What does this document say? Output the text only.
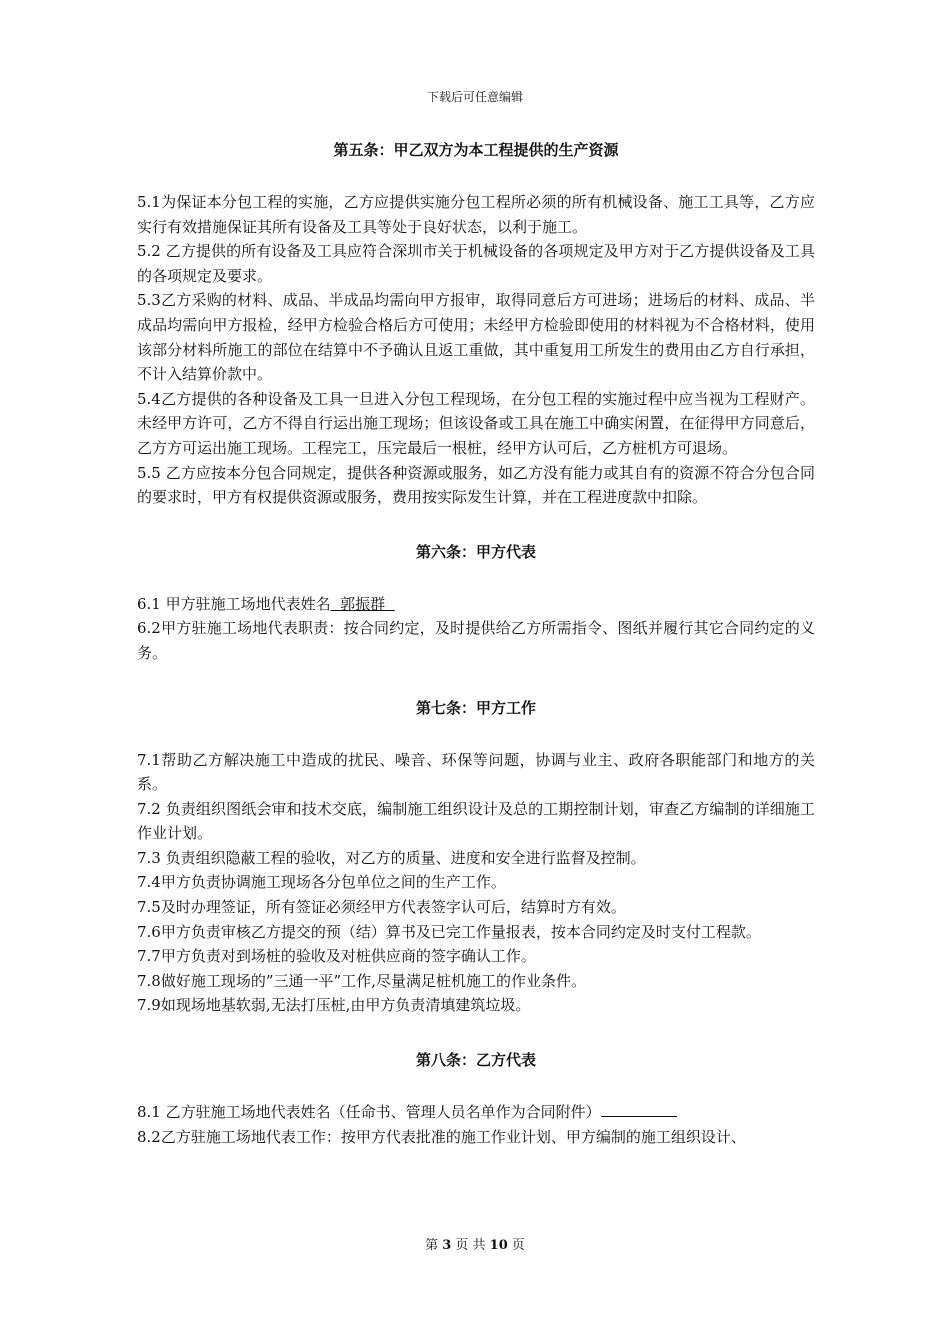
下载后可任意编辑

第五条：甲乙双方为本工程提供的生产资源

5.1为保证本分包工程的实施，乙方应提供实施分包工程所必须的所有机械设备、施工工具等，乙方应实行有效措施保证其所有设备及工具等处于良好状态，以利于施工。

5.2 乙方提供的所有设备及工具应符合深圳市关于机械设备的各项规定及甲方对于乙方提供设备及工具的各项规定及要求。

5.3乙方采购的材料、成品、半成品均需向甲方报审，取得同意后方可进场；进场后的材料、成品、半成品均需向甲方报检，经甲方检验合格后方可使用；未经甲方检验即使用的材料视为不合格材料，使用该部分材料所施工的部位在结算中不予确认且返工重做，其中重复用工所发生的费用由乙方自行承担，不计入结算价款中。

5.4乙方提供的各种设备及工具一旦进入分包工程现场，在分包工程的实施过程中应当视为工程财产。未经甲方许可，乙方不得自行运出施工现场；但该设备或工具在施工中确实闲置，在征得甲方同意后，乙方方可运出施工现场。工程完工，压完最后一根桩，经甲方认可后，乙方桩机方可退场。

5.5 乙方应按本分包合同规定，提供各种资源或服务，如乙方没有能力或其自有的资源不符合分包合同的要求时，甲方有权提供资源或服务，费用按实际发生计算，并在工程进度款中扣除。

第六条：甲方代表

6.1 甲方驻施工场地代表姓名  郭振群

6.2甲方驻施工场地代表职责：按合同约定，及时提供给乙方所需指令、图纸并履行其它合同约定的义务。

第七条：甲方工作

7.1帮助乙方解决施工中造成的扰民、噪音、环保等问题，协调与业主、政府各职能部门和地方的关系。

7.2 负责组织图纸会审和技术交底，编制施工组织设计及总的工期控制计划，审查乙方编制的详细施工作业计划。

7.3 负责组织隐蔽工程的验收，对乙方的质量、进度和安全进行监督及控制。

7.4甲方负责协调施工现场各分包单位之间的生产工作。

7.5及时办理签证，所有签证必须经甲方代表签字认可后，结算时方有效。

7.6甲方负责审核乙方提交的预（结）算书及已完工作量报表，按本合同约定及时支付工程款。

7.7甲方负责对到场桩的验收及对桩供应商的签字确认工作。

7.8做好施工现场的”三通一平”工作,尽量满足桩机施工的作业条件。

7.9如现场地基软弱,无法打压桩,由甲方负责清填建筑垃圾。

第八条：乙方代表

8.1 乙方驻施工场地代表姓名（任命书、管理人员名单作为合同附件）

8.2乙方驻施工场地代表工作：按甲方代表批准的施工作业计划、甲方编制的施工组织设计、

第 3 页 共 10 页
